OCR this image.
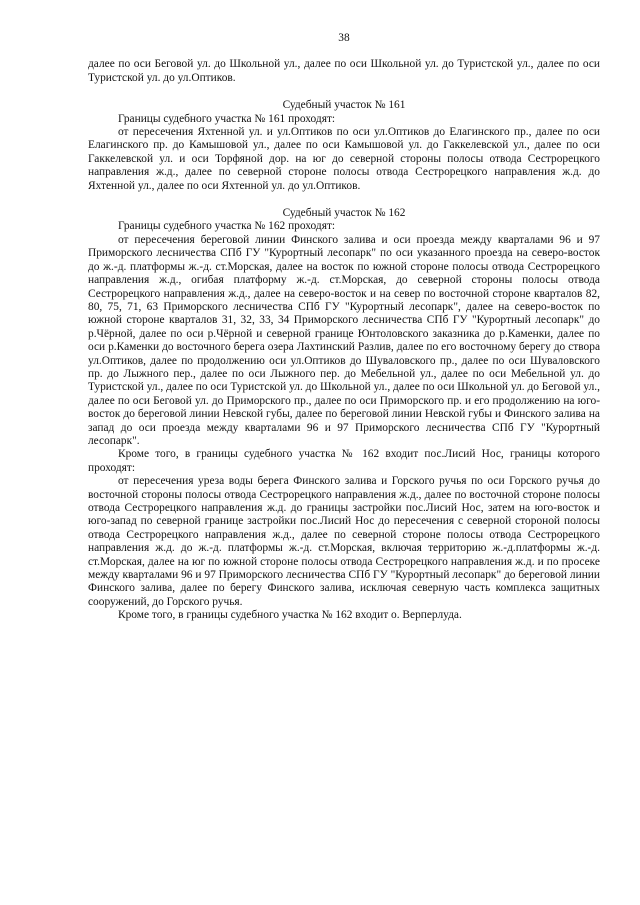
38

далее по оси Беговой ул. до Школьной ул., далее по оси Школьной ул. до Туристской ул., далее по оси Туристской ул. до ул.Оптиков.

Судебный участок № 161

Границы судебного участка № 161 проходят:

от пересечения Яхтенной ул. и ул.Оптиков по оси ул.Оптиков до Елагинского пр., далее по оси Елагинского пр. до Камышовой ул., далее по оси Камышовой ул. до Гаккелевской ул., далее по оси Гаккелевской ул. и оси Торфяной дор. на юг до северной стороны полосы отвода Сестрорецкого направления ж.д., далее по северной стороне полосы отвода Сестрорецкого направления ж.д. до Яхтенной ул., далее по оси Яхтенной ул. до ул.Оптиков.

Судебный участок № 162

Границы судебного участка № 162 проходят:

от пересечения береговой линии Финского залива и оси проезда между кварталами 96 и 97 Приморского лесничества СПб ГУ "Курортный лесопарк" по оси указанного проезда на северо-восток до ж.-д. платформы ж.-д. ст.Морская, далее на восток по южной стороне полосы отвода Сестрорецкого направления ж.д., огибая платформу ж.-д. ст.Морская, до северной стороны полосы отвода Сестрорецкого направления ж.д., далее на северо-восток и на север по восточной стороне кварталов 82, 80, 75, 71, 63 Приморского лесничества СПб ГУ "Курортный лесопарк", далее на северо-восток по южной стороне кварталов 31, 32, 33, 34 Приморского лесничества СПб ГУ "Курортный лесопарк" до р.Чёрной, далее по оси р.Чёрной и северной границе Юнтоловского заказника до р.Каменки, далее по оси р.Каменки до восточного берега озера Лахтинский Разлив, далее по его восточному берегу до створа ул.Оптиков, далее по продолжению оси ул.Оптиков до Шуваловского пр., далее по оси Шуваловского пр. до Лыжного пер., далее по оси Лыжного пер. до Мебельной ул., далее по оси Мебельной ул. до Туристской ул., далее по оси Туристской ул. до Школьной ул., далее по оси Школьной ул. до Беговой ул., далее по оси Беговой ул. до Приморского пр., далее по оси Приморского пр. и его продолжению на юго-восток до береговой линии Невской губы, далее по береговой линии Невской губы и Финского залива на запад до оси проезда между кварталами 96 и 97 Приморского лесничества СПб ГУ "Курортный лесопарк".

Кроме того, в границы судебного участка № 162 входит пос.Лисий Нос, границы которого проходят:

от пересечения уреза воды берега Финского залива и Горского ручья по оси Горского ручья до восточной стороны полосы отвода Сестрорецкого направления ж.д., далее по восточной стороне полосы отвода Сестрорецкого направления ж.д. до границы застройки пос.Лисий Нос, затем на юго-восток и юго-запад по северной границе застройки пос.Лисий Нос до пересечения с северной стороной полосы отвода Сестрорецкого направления ж.д., далее по северной стороне полосы отвода Сестрорецкого направления ж.д. до ж.-д. платформы ж.-д. ст.Морская, включая территорию ж.-д.платформы ж.-д. ст.Морская, далее на юг по южной стороне полосы отвода Сестрорецкого направления ж.д. и по просеке между кварталами 96 и 97 Приморского лесничества СПб ГУ "Курортный лесопарк" до береговой линии Финского залива, далее по берегу Финского залива, исключая северную часть комплекса защитных сооружений, до Горского ручья.

Кроме того, в границы судебного участка № 162 входит о. Верперлуда.
